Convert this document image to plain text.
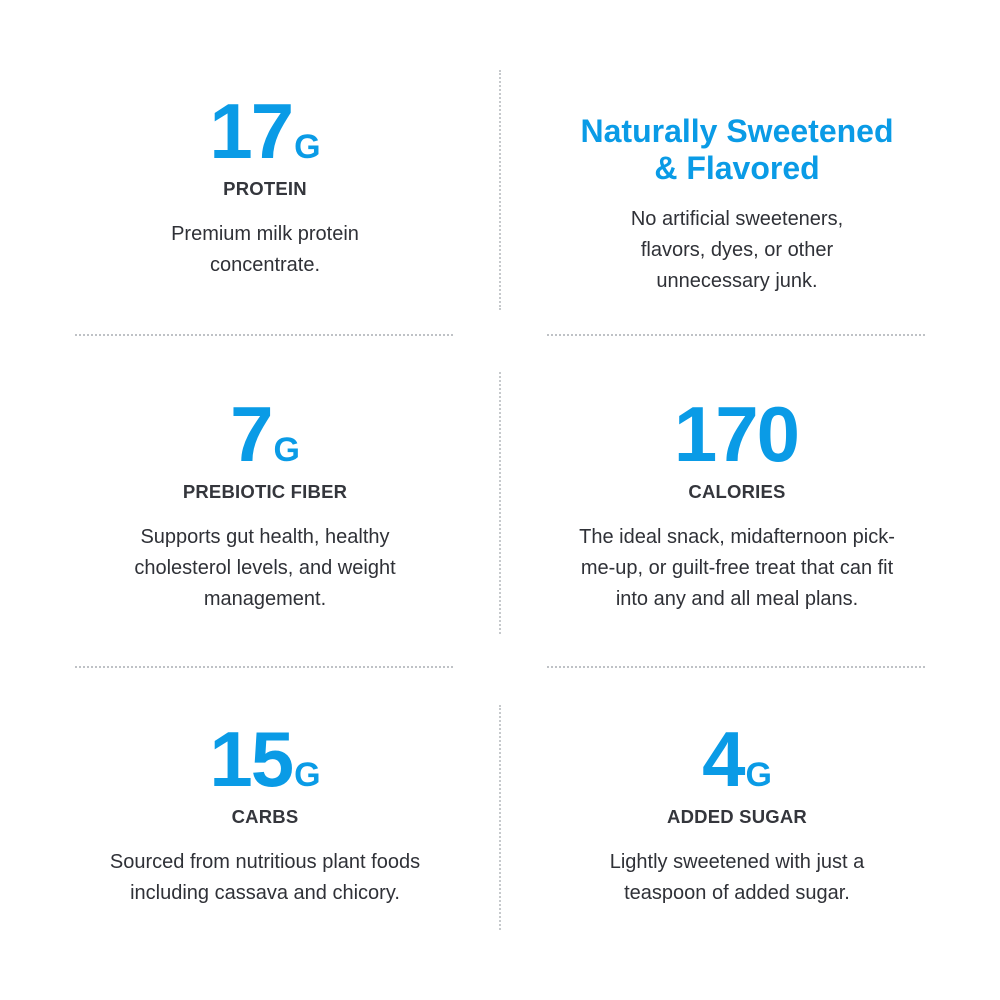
17G
PROTEIN
Premium milk protein concentrate.
Naturally Sweetened
& Flavored
No artificial sweeteners, flavors, dyes, or other unnecessary junk.
7G
PREBIOTIC FIBER
Supports gut health, healthy cholesterol levels, and weight management.
170
CALORIES
The ideal snack, midafternoon pick-me-up, or guilt-free treat that can fit into any and all meal plans.
15G
CARBS
Sourced from nutritious plant foods including cassava and chicory.
4G
ADDED SUGAR
Lightly sweetened with just a teaspoon of added sugar.
